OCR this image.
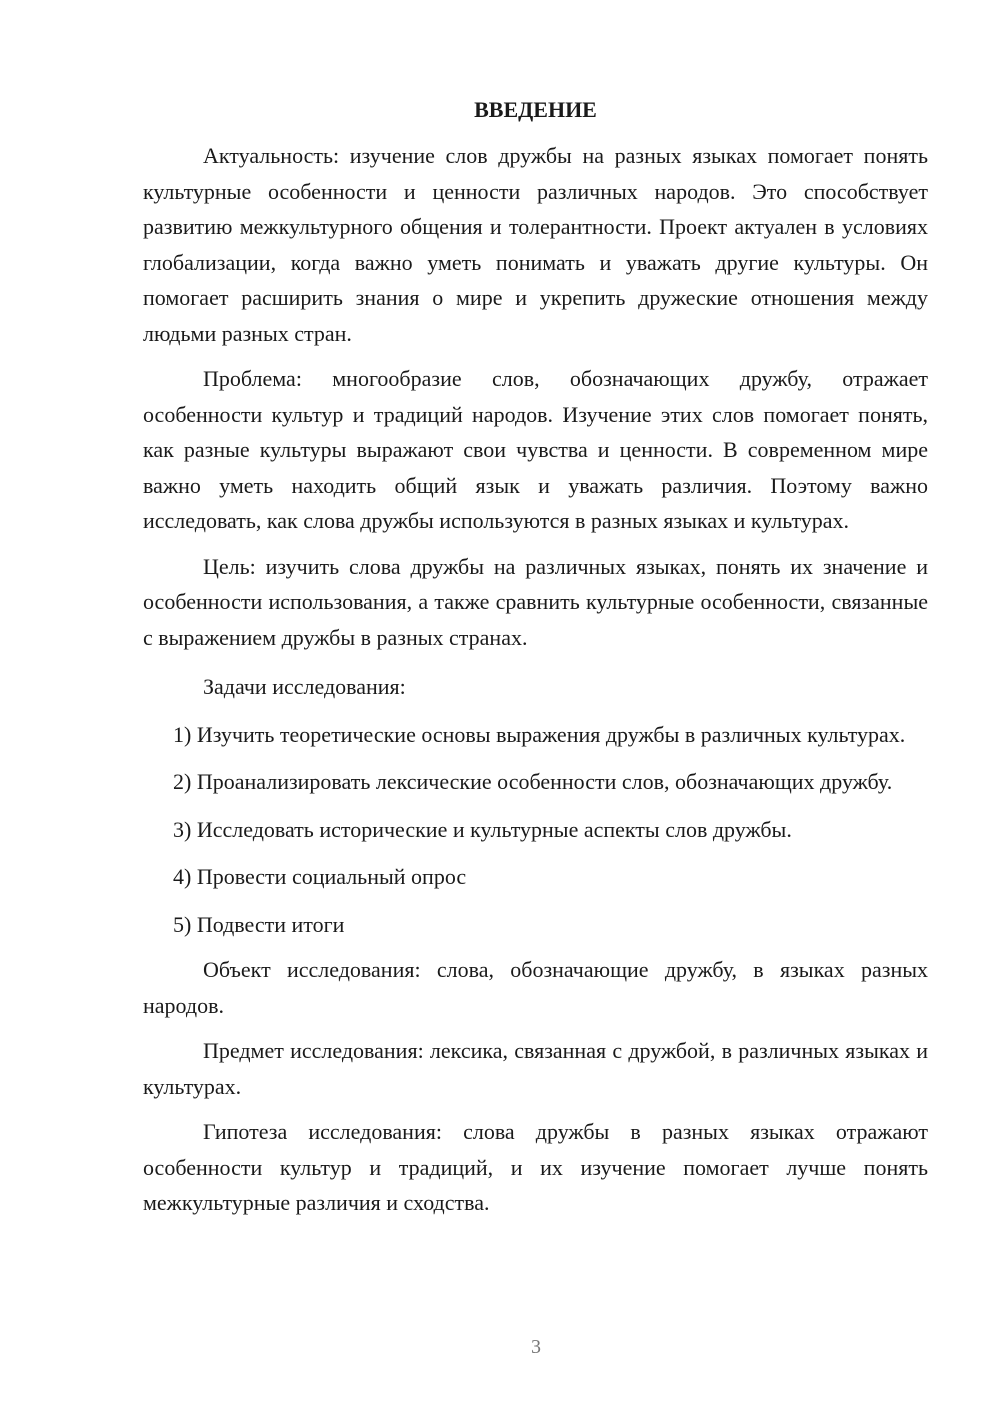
ВВЕДЕНИЕ

Актуальность: изучение слов дружбы на разных языках помогает понять культурные особенности и ценности различных народов. Это способствует развитию межкультурного общения и толерантности. Проект актуален в условиях глобализации, когда важно уметь понимать и уважать другие культуры. Он помогает расширить знания о мире и укрепить дружеские отношения между людьми разных стран.

Проблема: многообразие слов, обозначающих дружбу, отражает особенности культур и традиций народов. Изучение этих слов помогает понять, как разные культуры выражают свои чувства и ценности. В современном мире важно уметь находить общий язык и уважать различия. Поэтому важно исследовать, как слова дружбы используются в разных языках и культурах.

Цель: изучить слова дружбы на различных языках, понять их значение и особенности использования, а также сравнить культурные особенности, связанные с выражением дружбы в разных странах.

Задачи исследования:

1) Изучить теоретические основы выражения дружбы в различных культурах.

2) Проанализировать лексические особенности слов, обозначающих дружбу.

3) Исследовать исторические и культурные аспекты слов дружбы.

4) Провести социальный опрос

5) Подвести итоги

Объект исследования: слова, обозначающие дружбу, в языках разных народов.

Предмет исследования: лексика, связанная с дружбой, в различных языках и культурах.

Гипотеза исследования: слова дружбы в разных языках отражают особенности культур и традиций, и их изучение помогает лучше понять межкультурные различия и сходства.

3
